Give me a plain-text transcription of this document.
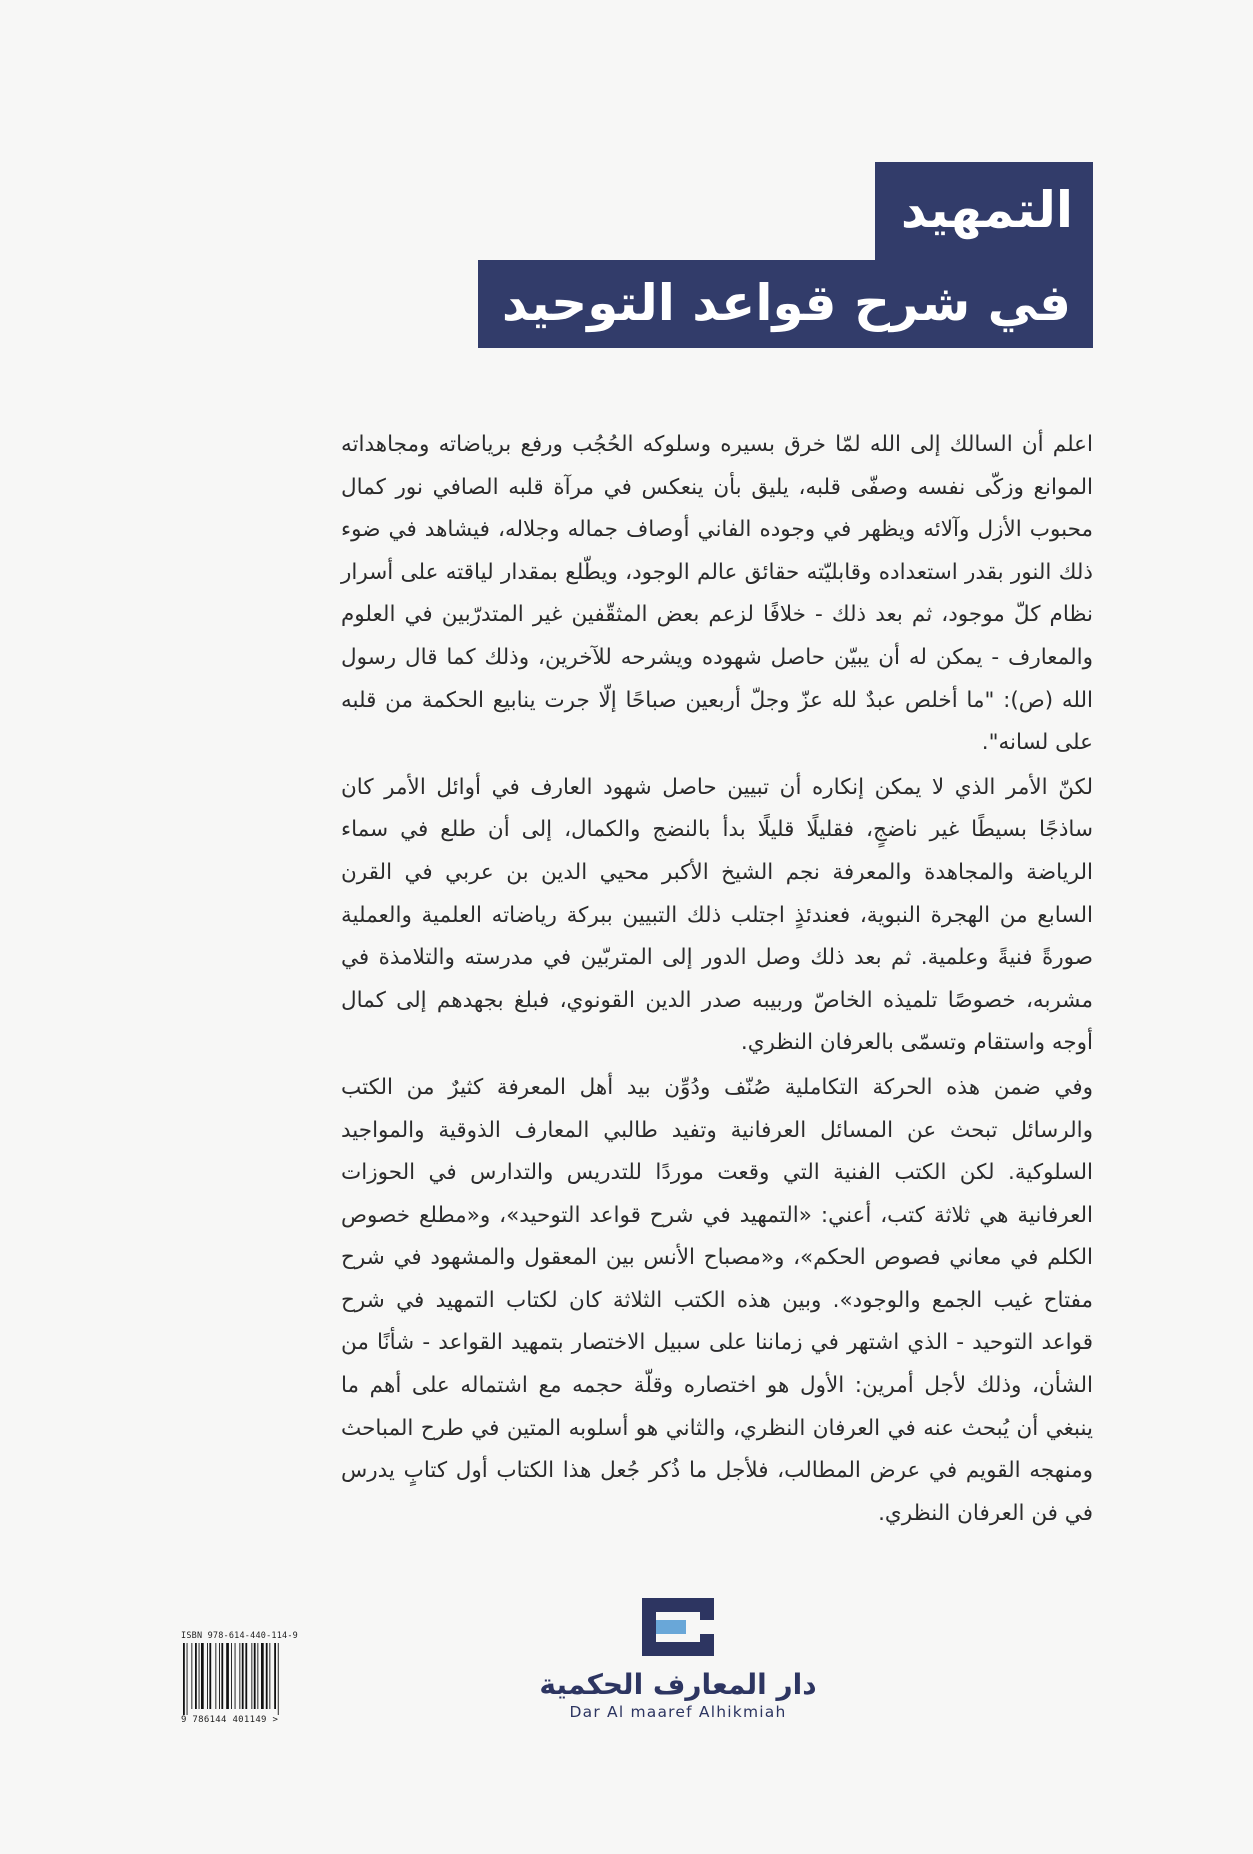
التمهيد
في شرح قواعد التوحيد

اعلم أن السالك إلى الله لمّا خرق بسيره وسلوكه الحُجُب ورفع برياضاته ومجاهداته الموانع وزكّى نفسه وصفّى قلبه، يليق بأن ينعكس في مرآة قلبه الصافي نور كمال محبوب الأزل وآلائه ويظهر في وجوده الفاني أوصاف جماله وجلاله، فيشاهد في ضوء ذلك النور بقدر استعداده وقابليّته حقائق عالم الوجود، ويطّلع بمقدار لياقته على أسرار نظام كلّ موجود، ثم بعد ذلك - خلافًا لزعم بعض المثقّفين غير المتدرّبين في العلوم والمعارف - يمكن له أن يبيّن حاصل شهوده ويشرحه للآخرين، وذلك كما قال رسول الله (ص): "ما أخلص عبدٌ لله عزّ وجلّ أربعين صباحًا إلّا جرت ينابيع الحكمة من قلبه على لسانه".

لكنّ الأمر الذي لا يمكن إنكاره أن تبيين حاصل شهود العارف في أوائل الأمر كان ساذجًا بسيطًا غير ناضجٍ، فقليلًا قليلًا بدأ بالنضج والكمال، إلى أن طلع في سماء الرياضة والمجاهدة والمعرفة نجم الشيخ الأكبر محيي الدين بن عربي في القرن السابع من الهجرة النبوية، فعندئذٍ اجتلب ذلك التبيين ببركة رياضاته العلمية والعملية صورةً فنيةً وعلمية. ثم بعد ذلك وصل الدور إلى المتربّين في مدرسته والتلامذة في مشربه، خصوصًا تلميذه الخاصّ وربيبه صدر الدين القونوي، فبلغ بجهدهم إلى كمال أوجه واستقام وتسمّى بالعرفان النظري.

وفي ضمن هذه الحركة التكاملية صُنّف ودُوِّن بيد أهل المعرفة كثيرٌ من الكتب والرسائل تبحث عن المسائل العرفانية وتفيد طالبي المعارف الذوقية والمواجيد السلوكية. لكن الكتب الفنية التي وقعت موردًا للتدريس والتدارس في الحوزات العرفانية هي ثلاثة كتب، أعني: «التمهيد في شرح قواعد التوحيد»، و«مطلع خصوص الكلم في معاني فصوص الحكم»، و«مصباح الأنس بين المعقول والمشهود في شرح مفتاح غيب الجمع والوجود». وبين هذه الكتب الثلاثة كان لكتاب التمهيد في شرح قواعد التوحيد - الذي اشتهر في زماننا على سبيل الاختصار بتمهيد القواعد - شأنًا من الشأن، وذلك لأجل أمرين: الأول هو اختصاره وقلّة حجمه مع اشتماله على أهم ما ينبغي أن يُبحث عنه في العرفان النظري، والثاني هو أسلوبه المتين في طرح المباحث ومنهجه القويم في عرض المطالب، فلأجل ما ذُكر جُعل هذا الكتاب أول كتابٍ يدرس في فن العرفان النظري.

ISBN 978-614-440-114-9
9 786144 401149 >
دار المعارف الحكمية
Dar Al maaref Alhikmiah
